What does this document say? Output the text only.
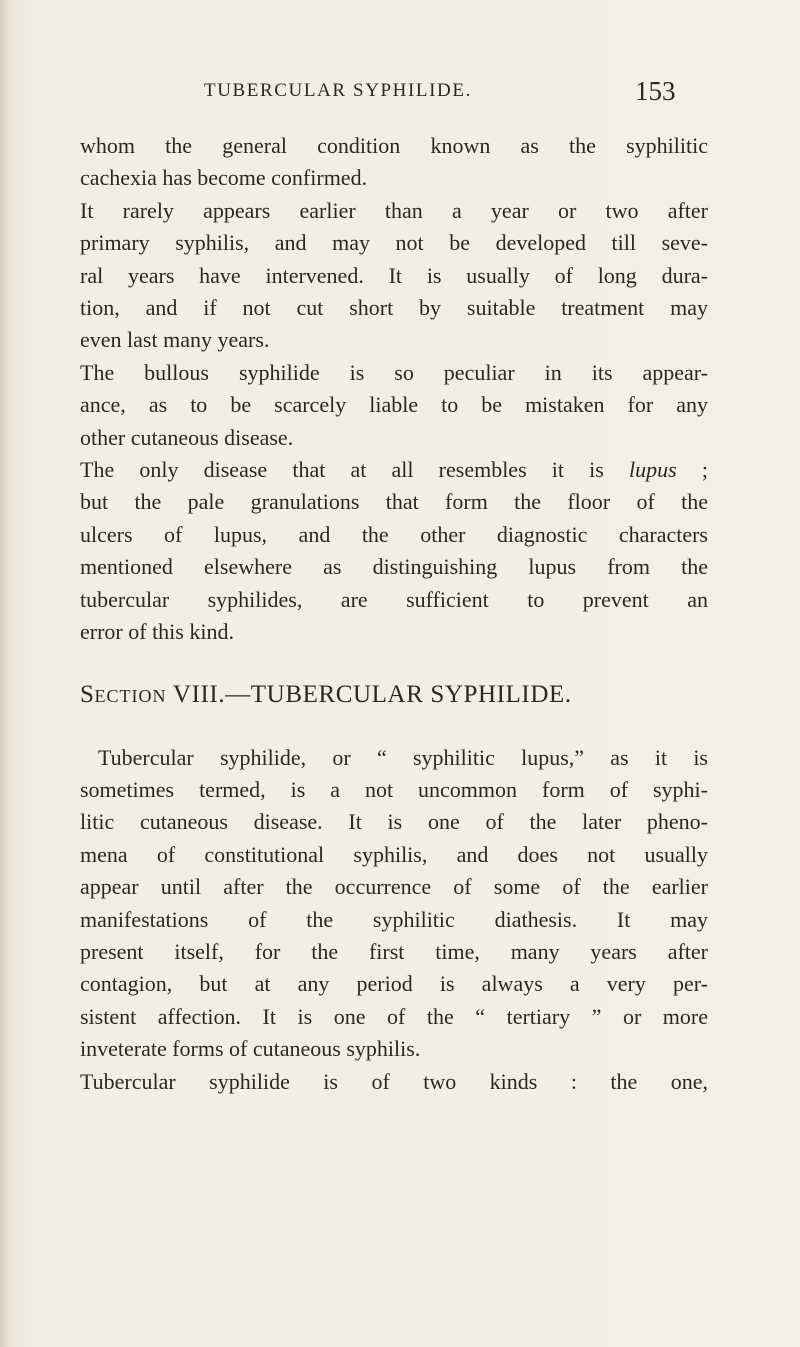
TUBERCULAR SYPHILIDE.	153

whom the general condition known as the syphilitic
cachexia has become confirmed.

It rarely appears earlier than a year or two after
primary syphilis, and may not be developed till seve-
ral years have intervened. It is usually of long dura-
tion, and if not cut short by suitable treatment may
even last many years.

The bullous syphilide is so peculiar in its appear-
ance, as to be scarcely liable to be mistaken for any
other cutaneous disease.

The only disease that at all resembles it is lupus ;
but the pale granulations that form the floor of the
ulcers of lupus, and the other diagnostic characters
mentioned elsewhere as distinguishing lupus from the
tubercular syphilides, are sufficient to prevent an
error of this kind.

SECTION VIII.—TUBERCULAR SYPHILIDE.

Tubercular syphilide, or “ syphilitic lupus,” as it is
sometimes termed, is a not uncommon form of syphi-
litic cutaneous disease. It is one of the later pheno-
mena of constitutional syphilis, and does not usually
appear until after the occurrence of some of the earlier
manifestations of the syphilitic diathesis. It may
present itself, for the first time, many years after
contagion, but at any period is always a very per-
sistent affection. It is one of the “ tertiary ” or more
inveterate forms of cutaneous syphilis.

Tubercular syphilide is of two kinds : the one,
